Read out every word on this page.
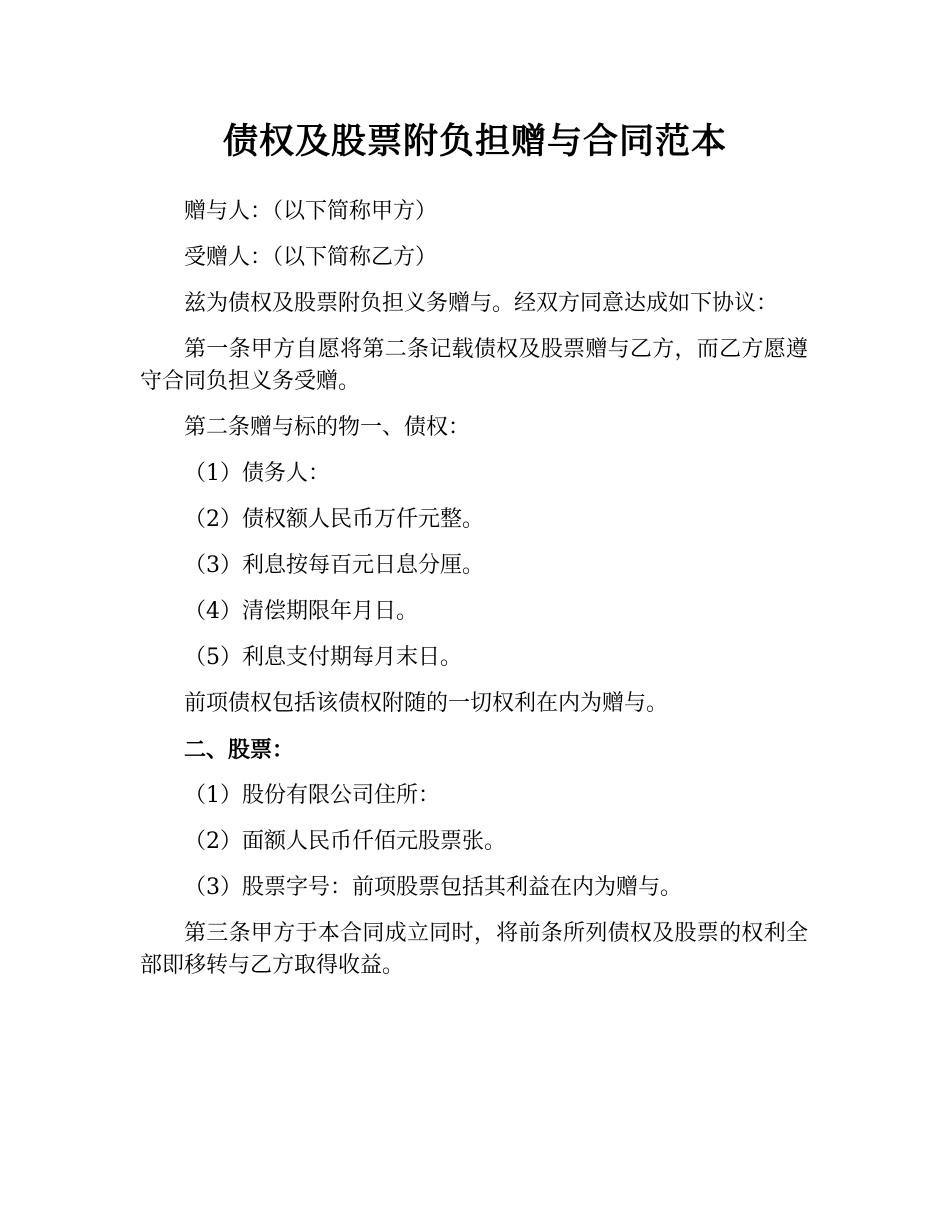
债权及股票附负担赠与合同范本

赠与人：（以下简称甲方）

受赠人：（以下简称乙方）

兹为债权及股票附负担义务赠与。经双方同意达成如下协议：

第一条甲方自愿将第二条记载债权及股票赠与乙方，而乙方愿遵守合同负担义务受赠。

第二条赠与标的物一、债权：

（1）债务人：

（2）债权额人民币万仟元整。

（3）利息按每百元日息分厘。

（4）清偿期限年月日。

（5）利息支付期每月末日。

前项债权包括该债权附随的一切权利在内为赠与。

二、股票：

（1）股份有限公司住所：

（2）面额人民币仟佰元股票张。

（3）股票字号：前项股票包括其利益在内为赠与。

第三条甲方于本合同成立同时，将前条所列债权及股票的权利全部即移转与乙方取得收益。
